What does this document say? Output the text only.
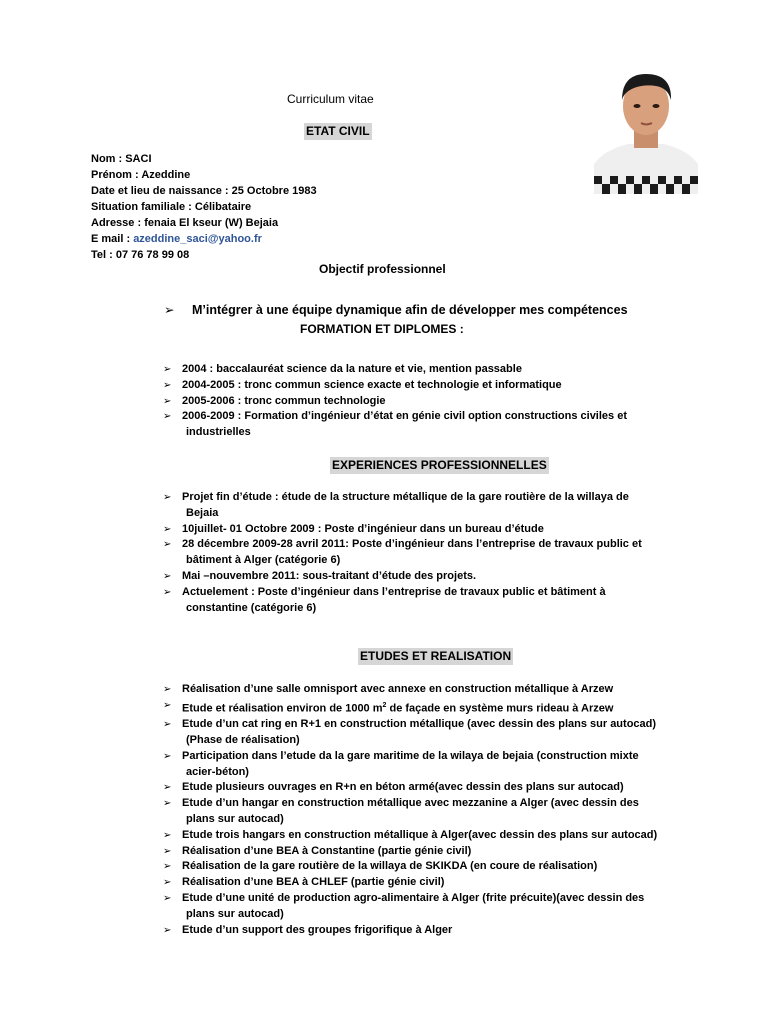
Curriculum vitae
ETAT CIVIL
Nom : SACI
Prénom : Azeddine
Date et lieu de naissance : 25 Octobre 1983
Situation familiale : Célibataire
Adresse : fenaia El kseur (W) Bejaia
E mail : azeddine_saci@yahoo.fr
Tel : 07 76 78 99 08
Objectif professionnel
➢ M’intégrer à une équipe dynamique afin de développer mes compétences
FORMATION ET DIPLOMES :
➢ 2004 : baccalauréat science da la nature et vie, mention passable
➢ 2004-2005 : tronc commun science exacte et technologie et informatique
➢ 2005-2006 : tronc commun technologie
➢ 2006-2009 : Formation d’ingénieur d’état en génie civil option constructions civiles et
industrielles
EXPERIENCES PROFESSIONNELLES
➢ Projet fin d’étude : étude de la structure métallique de la gare routière de la willaya de
Bejaia
➢ 10juillet- 01 Octobre 2009 : Poste d’ingénieur dans un bureau d’étude
➢ 28 décembre 2009-28 avril 2011: Poste d’ingénieur dans l’entreprise de travaux public et
bâtiment à Alger (catégorie 6)
➢ Mai –nouvembre 2011: sous-traitant d’étude des projets.
➢ Actuelement : Poste d’ingénieur dans l’entreprise de travaux public et bâtiment à
constantine (catégorie 6)
ETUDES ET REALISATION
➢ Réalisation d’une salle omnisport avec annexe en construction métallique à Arzew
➢ Etude et réalisation environ de 1000 $m^2$ de façade en système murs rideau à Arzew
➢ Etude d’un cat ring en R+1 en construction métallique (avec dessin des plans sur autocad)
(Phase de réalisation)
➢ Participation dans l’etude da la gare maritime de la wilaya de bejaia (construction mixte
acier-béton)
➢ Etude plusieurs ouvrages en R+n en béton armé(avec dessin des plans sur autocad)
➢ Etude d’un hangar en construction métallique avec mezzanine a Alger (avec dessin des
plans sur autocad)
➢ Etude trois hangars en construction métallique à Alger(avec dessin des plans sur autocad)
➢ Réalisation d’une BEA à Constantine (partie génie civil)
➢ Réalisation de la gare routière de la willaya de SKIKDA (en coure de réalisation)
➢ Réalisation d’une BEA à CHLEF (partie génie civil)
➢ Etude d’une unité de production agro-alimentaire à Alger (frite précuite)(avec dessin des
plans sur autocad)
➢ Etude d’un support des groupes frigorifique à Alger
